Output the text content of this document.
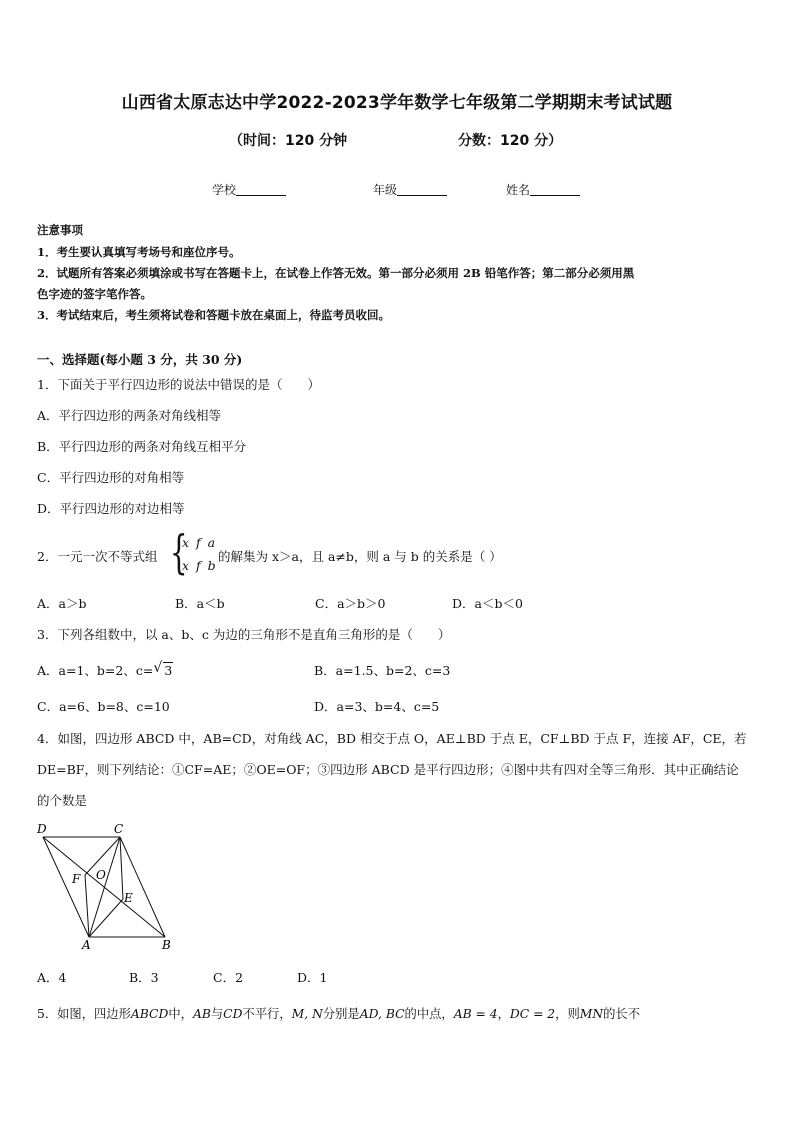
山西省太原志达中学2022-2023学年数学七年级第二学期期末考试试题
（时间：120 分钟	分数：120 分）
学校	年级	姓名
注意事项
1．考生要认真填写考场号和座位序号。
2．试题所有答案必须填涂或书写在答题卡上，在试卷上作答无效。第一部分必须用 2B 铅笔作答；第二部分必须用黑
色字迹的签字笔作答。
3．考试结束后，考生须将试卷和答题卡放在桌面上，待监考员收回。
一、选择题(每小题 3 分，共 30 分)
1．下面关于平行四边形的说法中错误的是（　　）
A．平行四边形的两条对角线相等
B．平行四边形的两条对角线互相平分
C．平行四边形的对角相等
D．平行四边形的对边相等
2．一元一次不等式组 {
x f a
x f b
的解集为 x＞a，且 a≠b，则 a 与 b 的关系是（ ）
A．a＞b	B．a＜b	C．a＞b＞0	D．a＜b＜0
3．下列各组数中，以 a、b、c 为边的三角形不是直角三角形的是（　　）
A．a=1、b=2、c= √ 3	B．a=1.5、b=2、c=3
C．a=6、b=8、c=10	D．a=3、b=4、c=5
4．如图，四边形 ABCD 中，AB=CD，对角线 AC，BD 相交于点 O，AE⊥BD 于点 E，CF⊥BD 于点 F，连接 AF，CE，若
DE=BF，则下列结论：①CF=AE；②OE=OF；③四边形 ABCD 是平行四边形；④图中共有四对全等三角形．其中正确结论
的个数是
D	C
F O
E
A	B
A．4	B．3	C．2	D．1
5．如图，四边形ABCD中，AB与CD不平行，M, N分别是AD, BC的中点，AB = 4，DC = 2，则MN的长不
